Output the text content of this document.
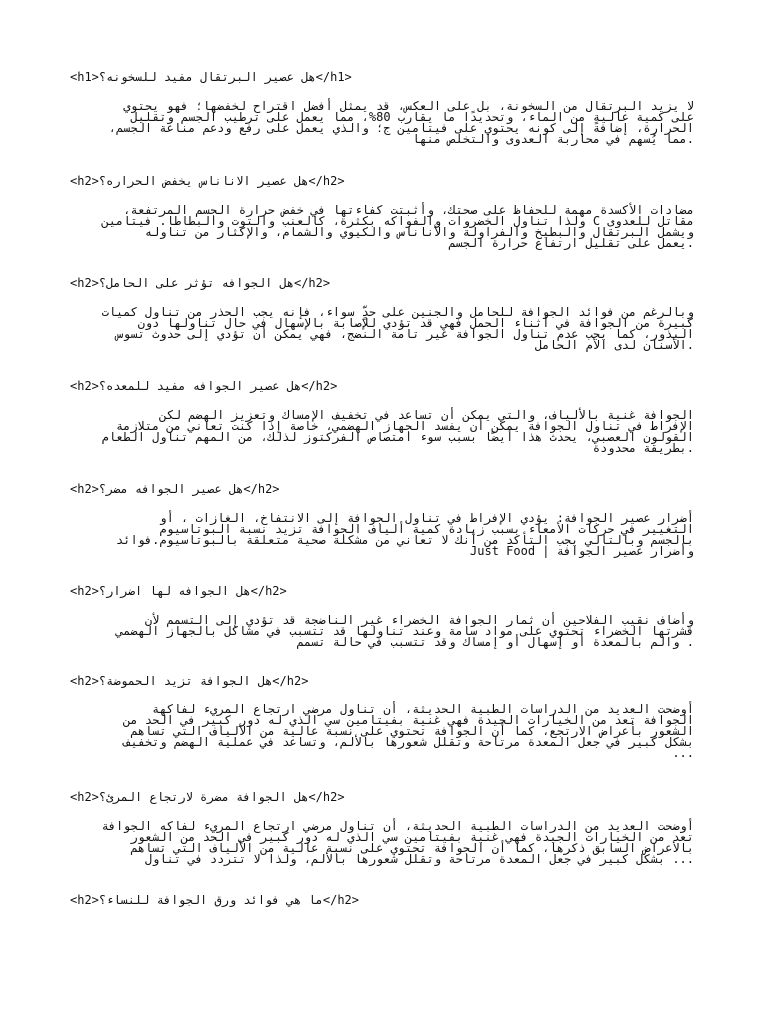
<h1>هل عصير البرتقال مفيد للسخونه؟</h1>

لا يزيد البرتقال من السخونة، بل على العكس، قد يمثل أفضل اقتراح لخفضها؛ فهو يحتوي
على كمية عالية من الماء، وتحديدًا ما يقارب 80%، مما يعمل على ترطيب الجسم وتقليل
الحرارة، إضافةً إلى كونه يحتوي على فيتامين ج؛ والذي يعمل على رفع ودعم مناعة الجسم،
.مما يُسهم في محاربة العدوى والتخلص منها

<h2>هل عصير الاناناس يخفض الحراره؟</h2>

مضادات الأكسدة مهمة للحفاظ على صحتك، وأثبتت كفاءتها في خفض حرارة الجسم المرتفعة،
مقاتل للعدوى C ولذا تناول الخضروات والفواكه بكثرة، كالعنب والتوت والبطاطا. فيتامين
ويشمل البرتقال والبطيخ والفراولة والأناناس والكيوي والشمام، والإكثار من تناوله
.يعمل على تقليل ارتفاع حرارة الجسم

<h2>هل الجوافه تؤثر على الحامل؟</h2>

وبالرغم من فوائد الجوافة للحامل والجنين على حدٍّ سواء، فإنه يجب الحذر من تناول كميات
كبيرة من الجوافة في أثناء الحمل فهي قد تؤدي للإصابة بالإسهال في حال تناولها دون
البذور، كما يجب عدم تناول الجوافة غير تامة النضج، فهي يمكن أن تؤدي إلى حدوث تسوس
.الأسنان لدى الأم الحامل

<h2>هل عصير الجوافه مفيد للمعده؟</h2>

الجوافة غنية بالألياف، والتي يمكن أن تساعد في تخفيف الإمساك وتعزيز الهضم لكن
الإفراط في تناول الجوافة يمكن أن يفسد الجهاز الهضمي، خاصة إذا كنت تعاني من متلازمة
القولون العصبي، يحدث هذا أيضًا بسبب سوء امتصاص الفركتوز لذلك، من المهم تناول الطعام
.بطريقة محدودة

<h2>هل عصير الجوافه مضر؟</h2>

أضرار عصير الجوافة: يؤدي الإفراط في تناول الجوافة إلى الانتفاخ، الغازات ، أو
التغيير في حركات الأمعاء بسبب زيادة كمية ألياف الجوافة تزيد نسبة البوتاسيوم
بالجسم وبالتالي يجب التأكد من أنك لا تعاني من مشكلة صحية متعلقة بالبوتاسيوم.فوائد
Just Food | وأضرار عصير الجوافة

<h2>هل الجوافه لها اضرار؟</h2>

وأضاف نقيب الفلاحين أن ثمار الجوافة الخضراء غير الناضجة قد تؤدي إلى التسمم لأن
قشرتها الخضراء تحتوي على مواد سامة وعند تناولها قد تتسبب في مشاكل بالجهاز الهضمي
. والم بالمعدة أو إسهال أو إمساك وقد تتسبب في حالة تسمم

<h2>هل الجوافة تزيد الحموضة؟</h2>

أوضحت العديد من الدراسات الطبية الحديثة، أن تناول مرضي ارتجاع المريء لفاكهة
الجوافة تعد من الخيارات الجيدة فهي غنية بفيتامين سي الذي له دور كبير في الحد من
الشعور بأعراض الارتجع، كما أن الجوافة تحتوي على نسبة عالية من الألياف التي تساهم
بشكل كبير في جعل المعدة مرتاحة وتقلل شعورها بالألم، وتساعد في عملية الهضم وتخفيف
...

<h2>هل الجوافة مضرة لارتجاع المرئ؟</h2>

أوضحت العديد من الدراسات الطبية الحديثة، أن تناول مرضي ارتجاع المريء لفاكه الجوافة
تعد من الخيارات الجيدة فهي غنية بفيتامين سي الذي له دور كبير في الحد من الشعور
بالأعراض السابق ذكرها، كما أن الجوافة تحتوي على نسبة عالية من الألياف التي تساهم
... بشكل كبير في جعل المعدة مرتاحة وتقلل شعورها بالألم، ولذا لا تتردد في تناول

<h2>ما هي فوائد ورق الجوافة للنساء؟</h2>
